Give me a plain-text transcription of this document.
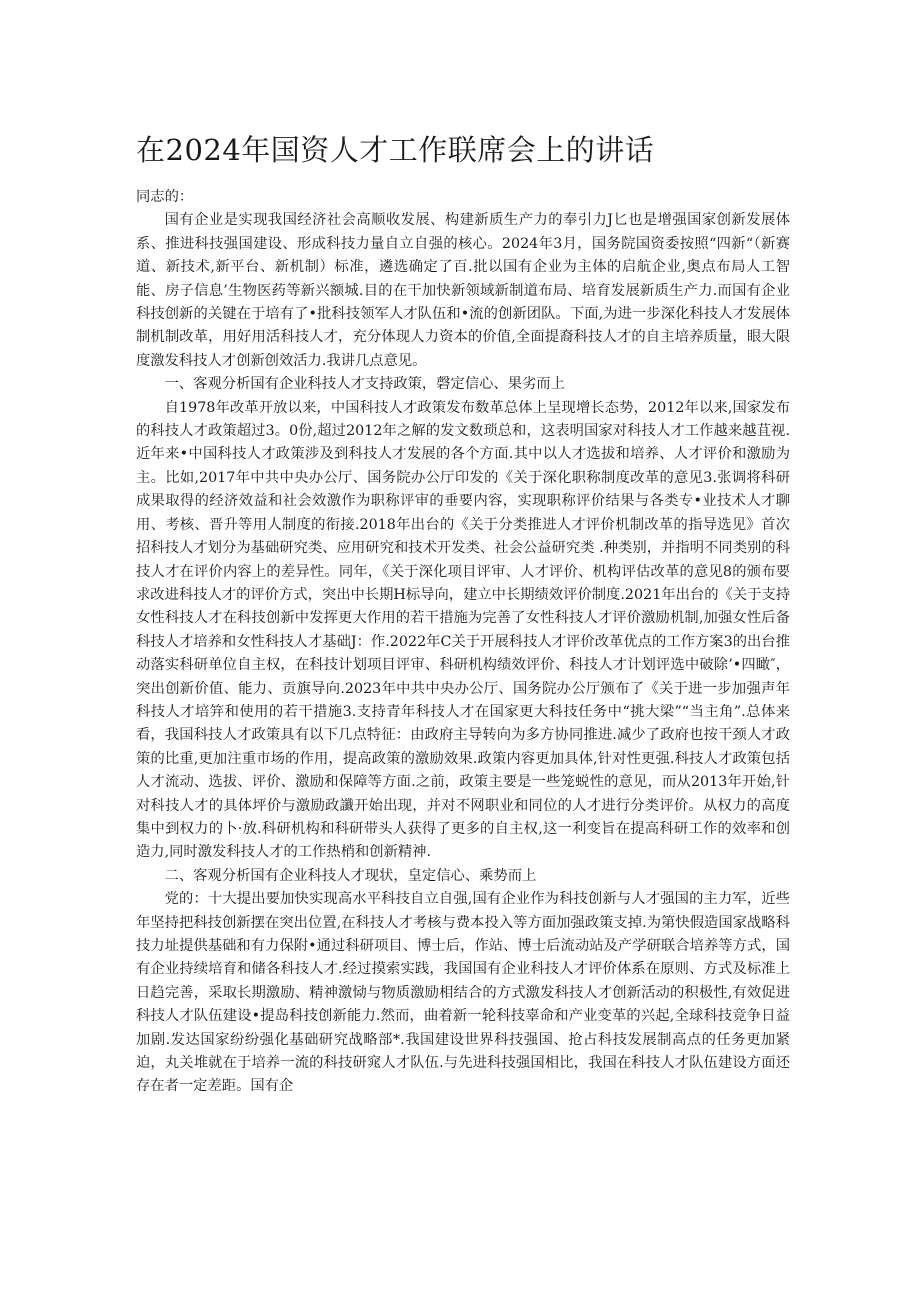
在2024年国资人才工作联席会上的讲话

同志的：

国有企业是实现我国经济社会高顺收发展、构建新质生产力的奉引力J匕也是增强国家创新发展体系、推进科技强国建设、形成科技力量自立自强的核心。2024年3月，国务院国资委按照“四新“（新赛道、新技术,新平台、新机制）标准，遴选确定了百.批以国有企业为主体的启航企业,奥点布局人工智能、房子信息’生物医药等新兴额城.目的在干加快新领域新制道布局、培育发展新质生产力.而国有企业科技创新的关键在于培有了•批科技领军人才队伍和•流的创新团队。下面,为进一步深化科技人才发展体制机制改革，用好用活科技人才，充分体现人力资本的价值,全面提裔科技人才的自主培养质量，眼大限度激发科技人才创新创效活力.我讲几点意见。

一、客观分析国有企业科技人才支持政策，磬定信心、果劣而上

自1978年改革开放以来，中国科技人才政策发布数革总体上呈现增长态势，2012年以来,国家发布的科技人才政策超过3。0份,超过2012年之解的发文数琐总和，这表明国家对科技人才工作越来越苴视.近年来•中国科技人才政策涉及到科技人才发展的各个方面.其中以人才选拔和培养、人才评价和激励为主。比如,2017年中共中央办公厅、国务院办公厅印发的《关于深化职称制度改革的意见3.张调将科研成果取得的经济效益和社会效激作为职称评审的垂要内容，实现职称评价结果与各类专•业技术人才聊用、考核、晋升等用人制度的衔接.2018年出台的《关于分类推进人才评价机制改革的指导选见》首次招科技人才划分为基础研究类、应用研究和技术开发类、社会公益研究类 .种类别，并指明不同类别的科技人才在评价内容上的差异性。同年，《关于深化项目评审、人才评价、机构评估改革的意见8的颁布要求改进科技人才的评价方式，突出中长期H标导向，建立中长期绩效评价制度.2021年出台的《关于支持女性科技人才在科技创新中发挥更大作用的若干措施为完善了女性科技人才评价激励机制,加强女性后备科技人才培养和女性科技人才基础J：作.2022年C关于开展科技人才评价改革优点的工作方案3的出台推动落实科研单位自主权，在科技计划项目评审、科研机构绩效评价、科技人才计划评选中破除’•四瞰″，突出创新价值、能力、贡旗导向.2023年中共中央办公厅、国务院办公厅颁布了《关于进一步加强声年科技人才培笄和使用的若干措施3.支持青年科技人才在国家更大科技任务中“挑大梁”“当主角”.总体来看，我国科技人才政策具有以下几点特征：由政府主导转向为多方协同推进.减少了政府也按干颈人才政策的比重,更加注重市场的作用，提高政策的激励效果.政策内容更加具体,针对性更强.科技人才政策包括人才流动、选拔、评价、激励和保障等方面.之前，政策主要是一些笼蜕性的意见，而从2013年开始,针对科技人才的具体坪价与激励政讖开始出现，并对不网职业和同位的人才进行分类评价。从权力的高度集中到权力的卜·放.科研机构和科研带头人获得了更多的自主权,这一利变旨在提高科研工作的效率和创造力,同时激发科技人才的工作热梢和创新精神.

二、客观分析国有企业科技人才现状，皇定信心、乘势而上

党的：十大提出要加快实现高水平科技自立自强,国有企业作为科技创新与人才强国的主力军，近些年坚持把科技创新摆在突出位置,在科技人才考核与费本投入等方面加强政策支掉.为第快假造国家战略科技力址提供基础和有力保附•通过科研项目、博士后，作站、博士后流动站及产学研联合培养等方式，国有企业持续培育和储各科技人才.经过摸索实践，我国国有企业科技人才评价体系在原则、方式及标准上日趋完善，采取长期激励、精神激恸与物质激励相结合的方式激发科技人才创新活动的积极性,有效促进科技人才队伍建设•提岛科技创新能力.然而，曲着新一轮科技辜命和产业变革的兴起,全球科技竞争日益加剧.发达国家纷纷强化基础研究战略部*.我国建设世界科技强国、抢占科技发展制高点的任务更加紧迫，丸关堆就在于培养一流的科技研窕人才队伍.与先进科技强国相比，我国在科技人才队伍建设方面还存在者一定差距。国有企
